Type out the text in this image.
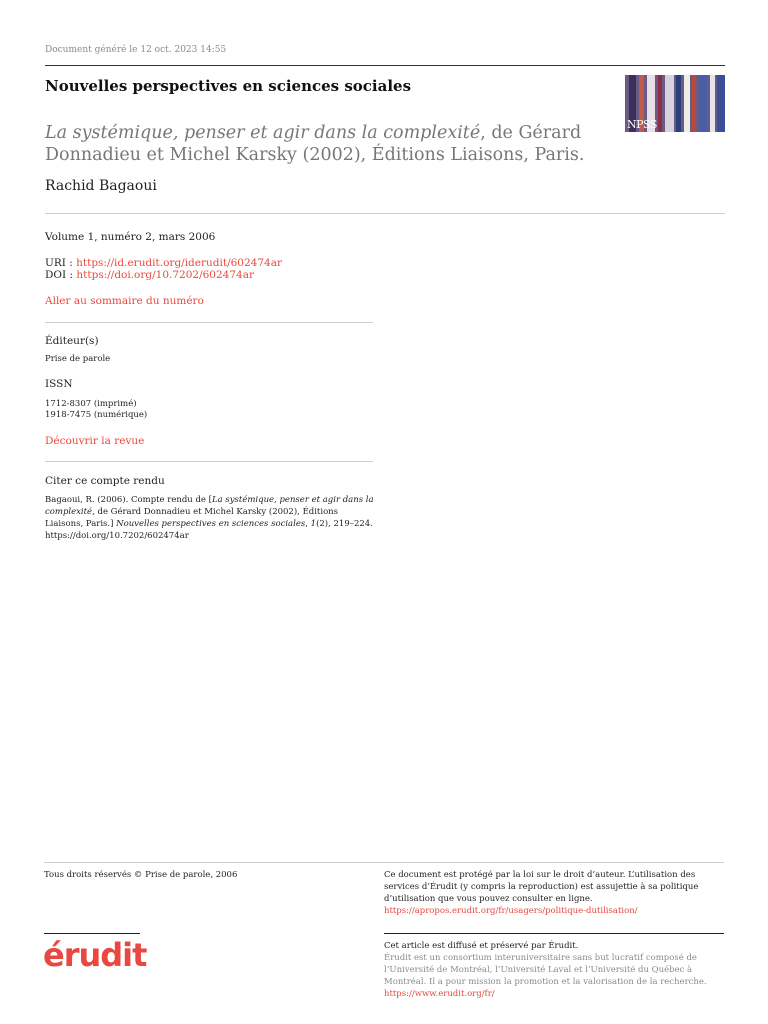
Document généré le 12 oct. 2023 14:55
Nouvelles perspectives en sciences sociales
NPSS
La systémique, penser et agir dans la complexité, de Gérard Donnadieu et Michel Karsky (2002), Éditions Liaisons, Paris.
Rachid Bagaoui
Volume 1, numéro 2, mars 2006
URI : https://id.erudit.org/iderudit/602474ar
DOI : https://doi.org/10.7202/602474ar
Aller au sommaire du numéro
Éditeur(s)
Prise de parole
ISSN
1712-8307 (imprimé)
1918-7475 (numérique)
Découvrir la revue
Citer ce compte rendu
Bagaoui, R. (2006). Compte rendu de [La systémique, penser et agir dans la complexité, de Gérard Donnadieu et Michel Karsky (2002), Éditions Liaisons, Paris.] Nouvelles perspectives en sciences sociales, 1(2), 219–224.
https://doi.org/10.7202/602474ar
Tous droits réservés © Prise de parole, 2006	Ce document est protégé par la loi sur le droit d’auteur. L’utilisation des services d’Érudit (y compris la reproduction) est assujettie à sa politique d’utilisation que vous pouvez consulter en ligne.
https://apropos.erudit.org/fr/usagers/politique-dutilisation/
érudit	Cet article est diffusé et préservé par Érudit.
Érudit est un consortium interuniversitaire sans but lucratif composé de l’Université de Montréal, l’Université Laval et l’Université du Québec à Montréal. Il a pour mission la promotion et la valorisation de la recherche.
https://www.erudit.org/fr/
